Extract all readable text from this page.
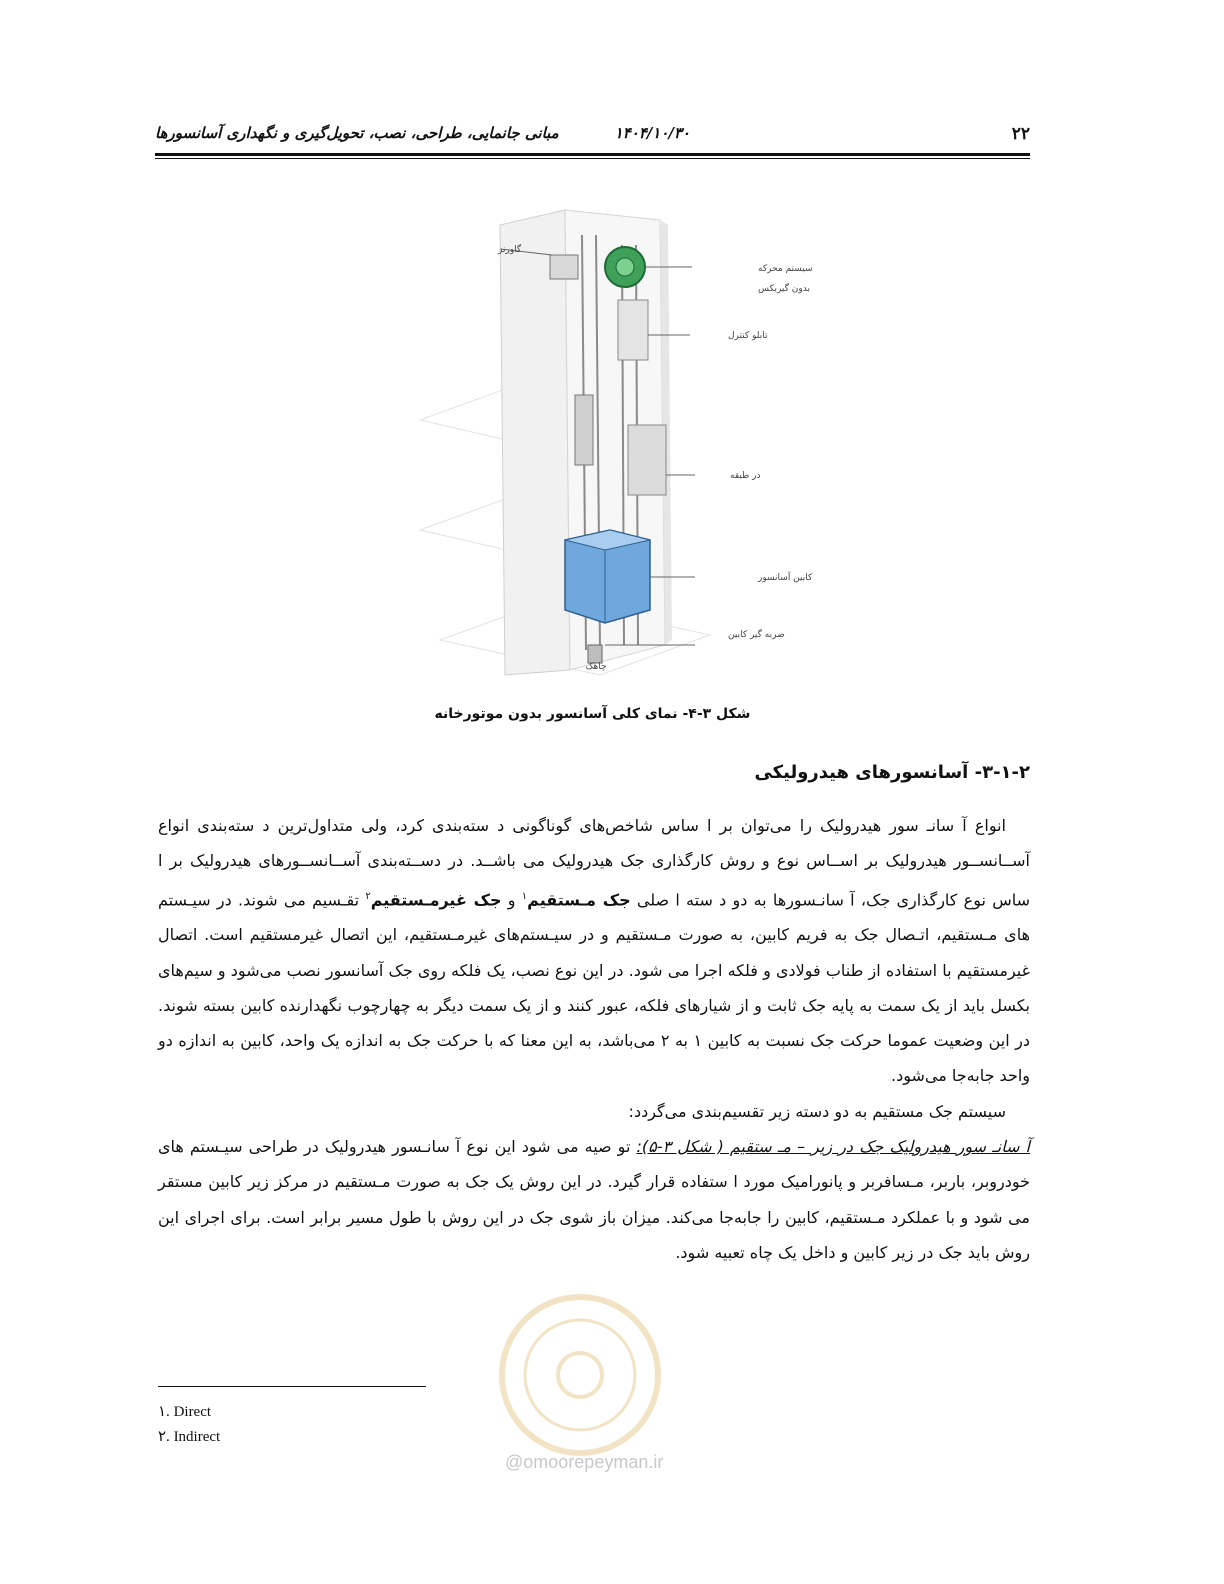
۲۲
۱۴۰۴/۱۰/۳۰
مبانی جانمایی، طراحی، نصب، تحویل‌گیری و نگهداری آسانسورها
گاورنر
سیستم محرکه
بدون گیربکس
تابلو کنترل
در طبقه
کابین آسانسور
ضربه گیر کابین
چاهک
شکل ۳-۴- نمای کلی آسانسور بدون موتورخانه
۳-۱-۲- آسانسورهای هیدرولیکی

انواع آ سانـ سور هیدرولیک را می‌توان بر ا ساس شاخص‌های گوناگونی د سته‌بندی کرد، ولی متداول‌ترین د سته‌بندی انواع آســانســور هیدرولیک بر اســاس نوع و روش کارگذاری جک هیدرولیک می باشــد. در دســته‌بندی آســانســورهای هیدرولیک بر ا ساس نوع کارگذاری جک، آ سانـسورها به دو د سته ا صلی جک مـستقیم$^۱$ و جک غیرمـستقیم$^۲$ تقـسیم می شوند. در سیـستم های مـستقیم، اتـصال جک به فریم کابین، به صورت مـستقیم و در سیـستم‌های غیرمـستقیم، این اتصال غیرمستقیم است. اتصال غیرمستقیم با استفاده از طناب فولادی و فلکه اجرا می شود. در این نوع نصب، یک فلکه روی جک آسانسور نصب می‌شود و سیم‌های بکسل باید از یک سمت به پایه جک ثابت و از شیارهای فلکه، عبور کنند و از یک سمت دیگر به چهارچوب نگهدارنده کابین بسته شوند. در این وضعیت عموما حرکت جک نسبت به کابین ۱ به ۲ می‌باشد، به این معنا که با حرکت جک به اندازه یک واحد، کابین به اندازه دو واحد جابه‌جا می‌شود.

سیستم جک مستقیم به دو دسته زیر تقسیم‌بندی می‌گردد:

آ سانـ سور هیدرولیک جک در زیر – مـ ستقیم ( شکل ۳-۵): تو صیه می شود این نوع آ سانـسور هیدرولیک در طراحی سیـستم های خودروبر، باربر، مـسافربر و پانورامیک مورد ا ستفاده قرار گیرد. در این روش یک جک به صورت مـستقیم در مرکز زیر کابین مستقر می شود و با عملکرد مـستقیم، کابین را جابه‌جا می‌کند. میزان باز شوی جک در این روش با طول مسیر برابر است. برای اجرای این روش باید جک در زیر کابین و داخل یک چاه تعبیه شود.

۱. Direct
۲. Indirect
@omoorepeyman.ir
